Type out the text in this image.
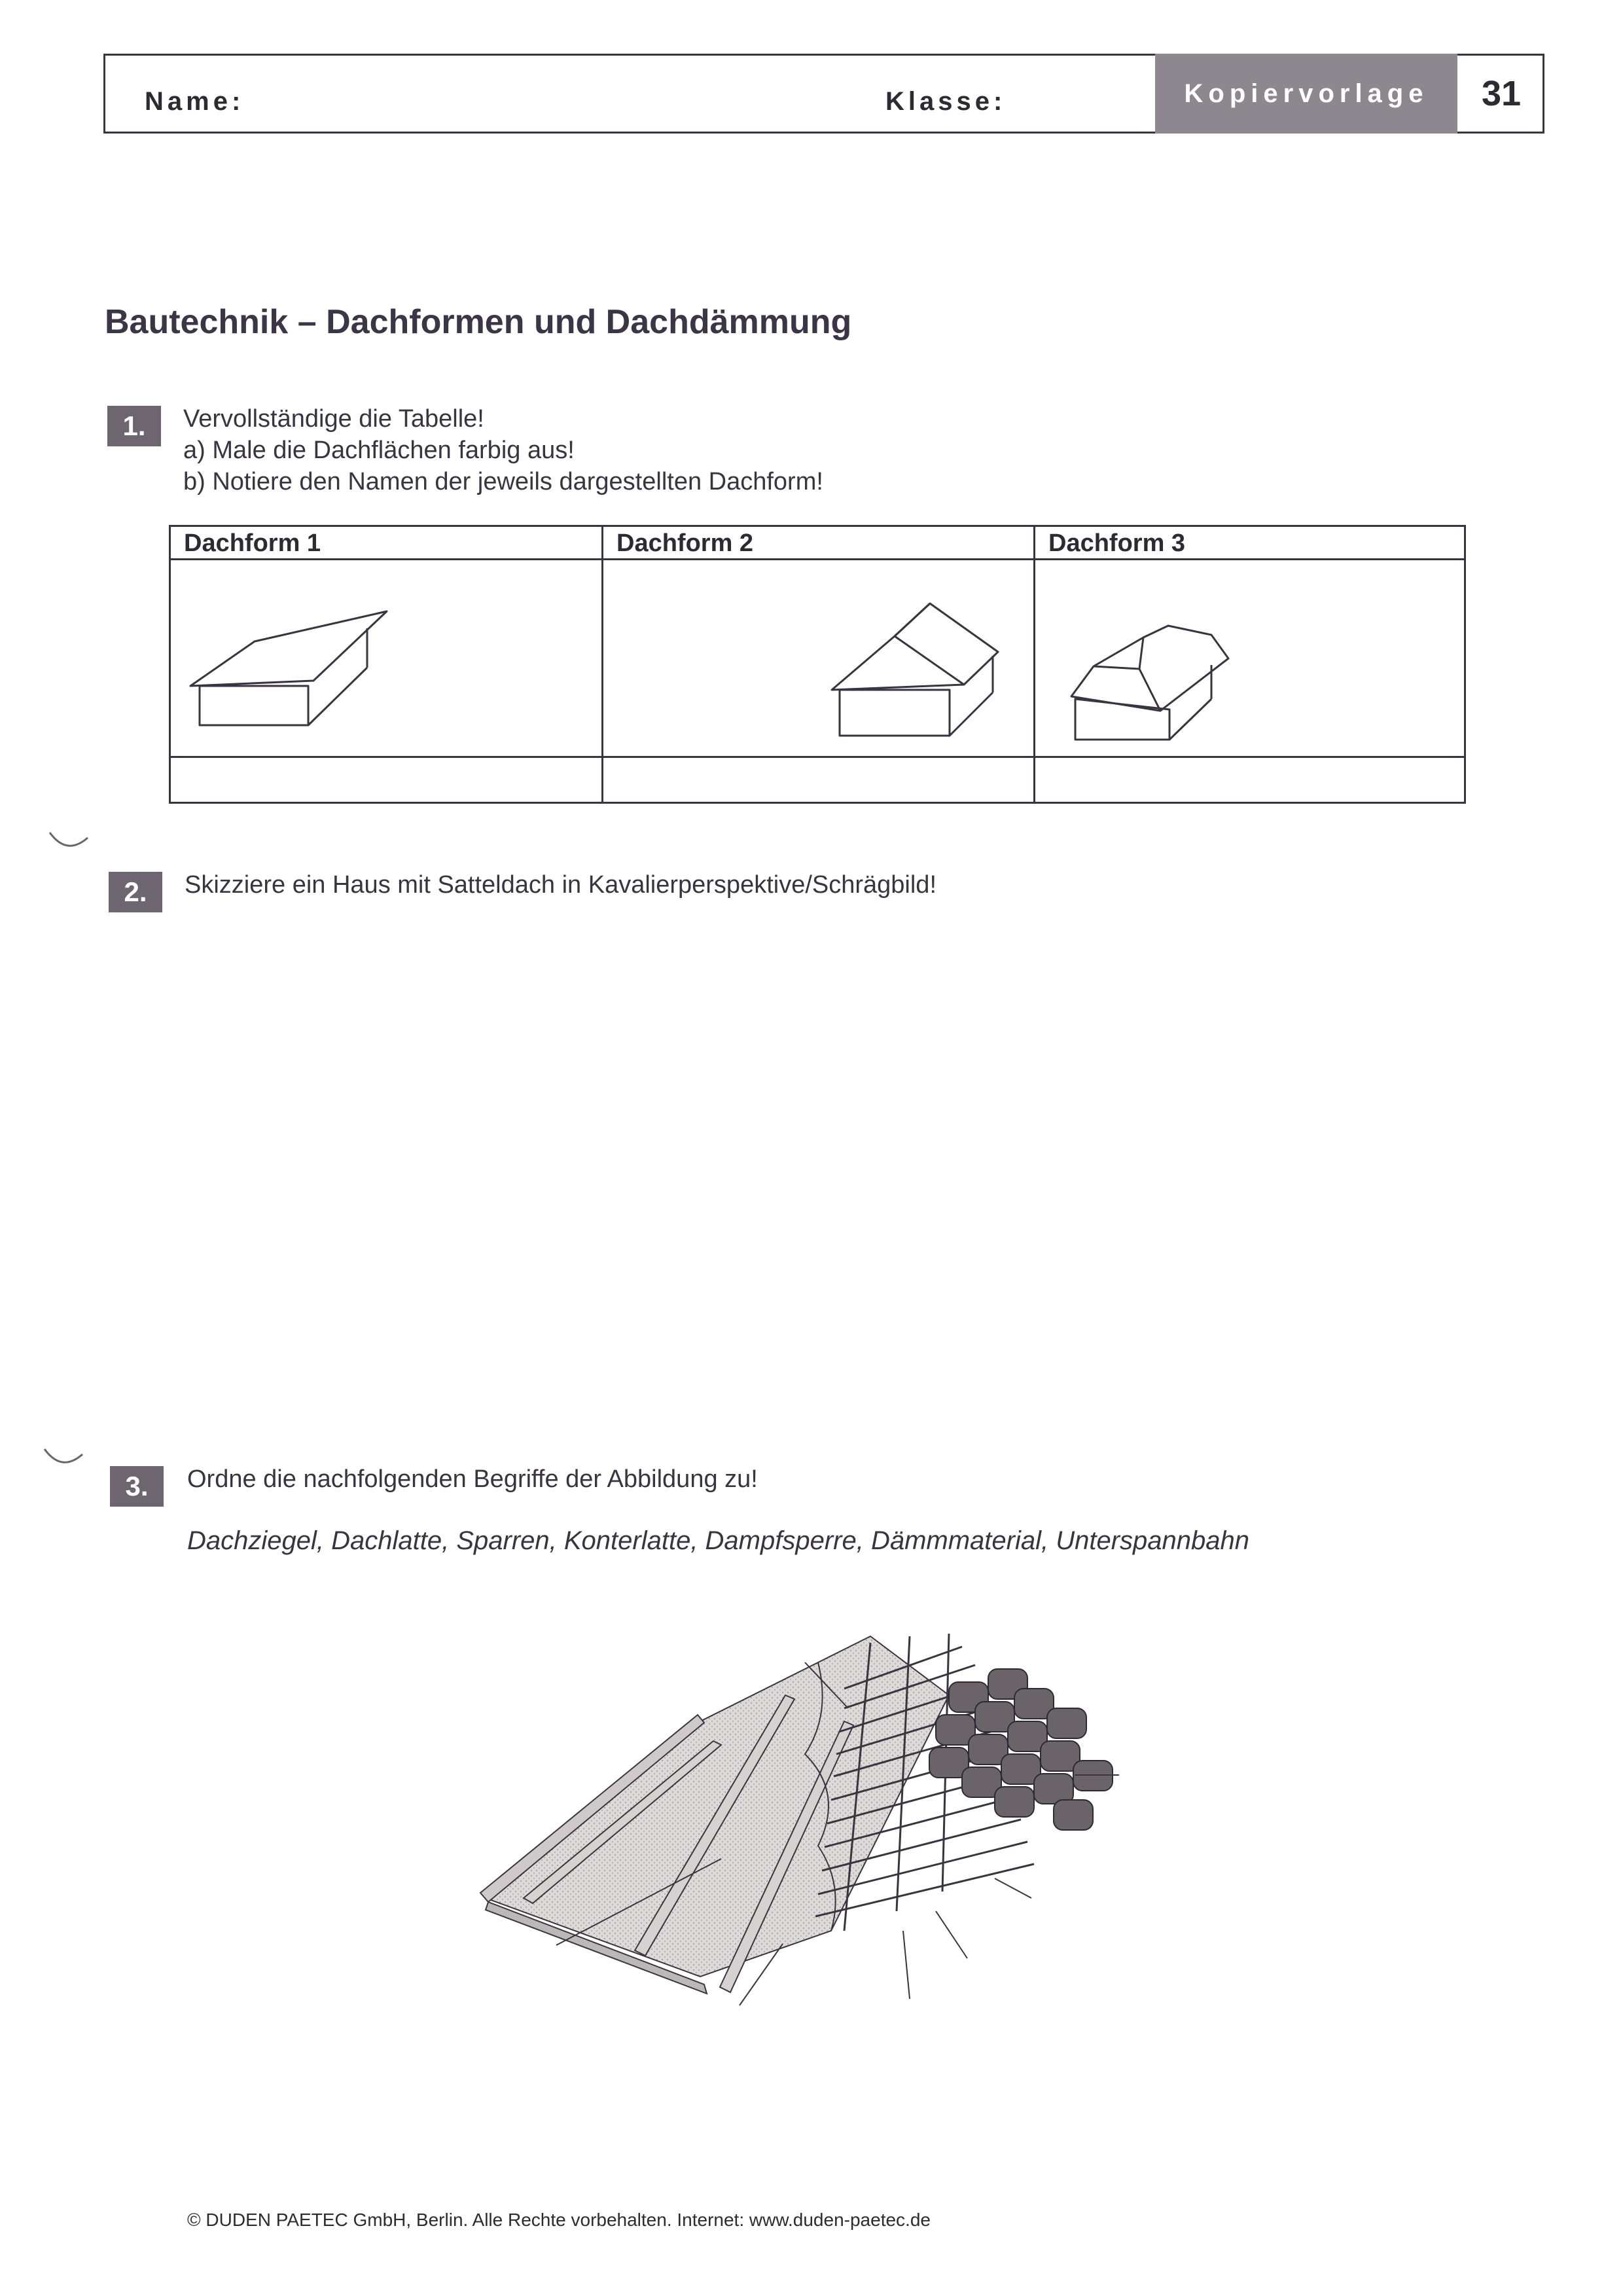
Name:	Klasse:	Kopiervorlage	31
Bautechnik – Dachformen und Dachdämmung
1.	Vervollständige die Tabelle!
a) Male die Dachflächen farbig aus!
b) Notiere den Namen der jeweils dargestellten Dachform!
Dachform 1	Dachform 2	Dachform 3
2.	Skizziere ein Haus mit Satteldach in Kavalierperspektive/Schrägbild!
3.	Ordne die nachfolgenden Begriffe der Abbildung zu!
Dachziegel, Dachlatte, Sparren, Konterlatte, Dampfsperre, Dämmmaterial, Unterspannbahn
© DUDEN PAETEC GmbH, Berlin. Alle Rechte vorbehalten. Internet: www.duden-paetec.de
